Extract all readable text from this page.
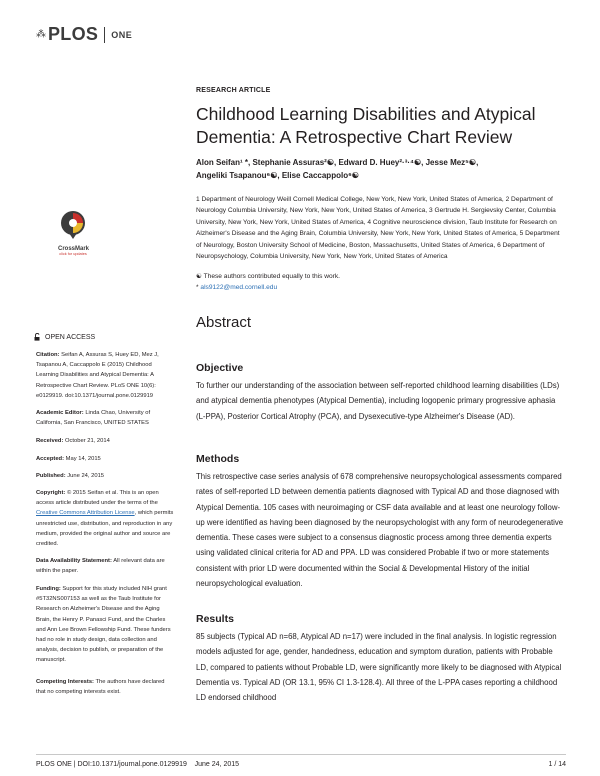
⁂ PLOS ONE
CrossMark
click for updates
RESEARCH ARTICLE
Childhood Learning Disabilities and Atypical Dementia: A Retrospective Chart Review
Alon Seifan¹ *, Stephanie Assuras²☯, Edward D. Huey²·³·⁴☯, Jesse Mez⁵☯,
Angeliki Tsapanou⁶☯, Elise Caccappolo⁶☯
1 Department of Neurology Weill Cornell Medical College, New York, New York, United States of America, 2 Department of Neurology Columbia University, New York, New York, United States of America, 3 Gertrude H. Sergievsky Center, Columbia University, New York, New York, United States of America, 4 Cognitive neuroscience division, Taub Institute for Research on Alzheimer's Disease and the Aging Brain, Columbia University, New York, New York, United States of America, 5 Department of Neurology, Boston University School of Medicine, Boston, Massachusetts, United States of America, 6 Department of Neuropsychology, Columbia University, New York, New York, United States of America
☯ These authors contributed equally to this work.
* als9122@med.cornell.edu
Abstract
Objective
To further our understanding of the association between self-reported childhood learning disabilities (LDs) and atypical dementia phenotypes (Atypical Dementia), including logopenic primary progressive aphasia (L-PPA), Posterior Cortical Atrophy (PCA), and Dysexecutive-type Alzheimer's Disease (AD).
Methods
This retrospective case series analysis of 678 comprehensive neuropsychological assessments compared rates of self-reported LD between dementia patients diagnosed with Typical AD and those diagnosed with Atypical Dementia. 105 cases with neuroimaging or CSF data available and at least one neurology follow-up were identified as having been diagnosed by the neuropsychologist with any form of neurodegenerative dementia. These cases were subject to a consensus diagnostic process among three dementia experts using validated clinical criteria for AD and PPA. LD was considered Probable if two or more statements consistent with prior LD were documented within the Social & Developmental History of the initial neuropsychological evaluation.
Results
85 subjects (Typical AD n=68, Atypical AD n=17) were included in the final analysis. In logistic regression models adjusted for age, gender, handedness, education and symptom duration, patients with Probable LD, compared to patients without Probable LD, were significantly more likely to be diagnosed with Atypical Dementia vs. Typical AD (OR 13.1, 95% CI 1.3-128.4). All three of the L-PPA cases reporting a childhood LD endorsed childhood
OPEN ACCESS
Citation: Seifan A, Assuras S, Huey ED, Mez J, Tsapanou A, Caccappolo E (2015) Childhood Learning Disabilities and Atypical Dementia: A Retrospective Chart Review. PLoS ONE 10(6): e0129919. doi:10.1371/journal.pone.0129919
Academic Editor: Linda Chao, University of California, San Francisco, UNITED STATES
Received: October 21, 2014
Accepted: May 14, 2015
Published: June 24, 2015
Copyright: © 2015 Seifan et al. This is an open access article distributed under the terms of the Creative Commons Attribution License, which permits unrestricted use, distribution, and reproduction in any medium, provided the original author and source are credited.
Data Availability Statement: All relevant data are within the paper.
Funding: Support for this study included NIH grant #5T32NS007153 as well as the Taub Institute for Research on Alzheimer's Disease and the Aging Brain, the Henry P. Panasci Fund, and the Charles and Ann Lee Brown Fellowship Fund. These funders had no role in study design, data collection and analysis, decision to publish, or preparation of the manuscript.
Competing Interests: The authors have declared that no competing interests exist.
PLOS ONE | DOI:10.1371/journal.pone.0129919    June 24, 2015	1 / 14
